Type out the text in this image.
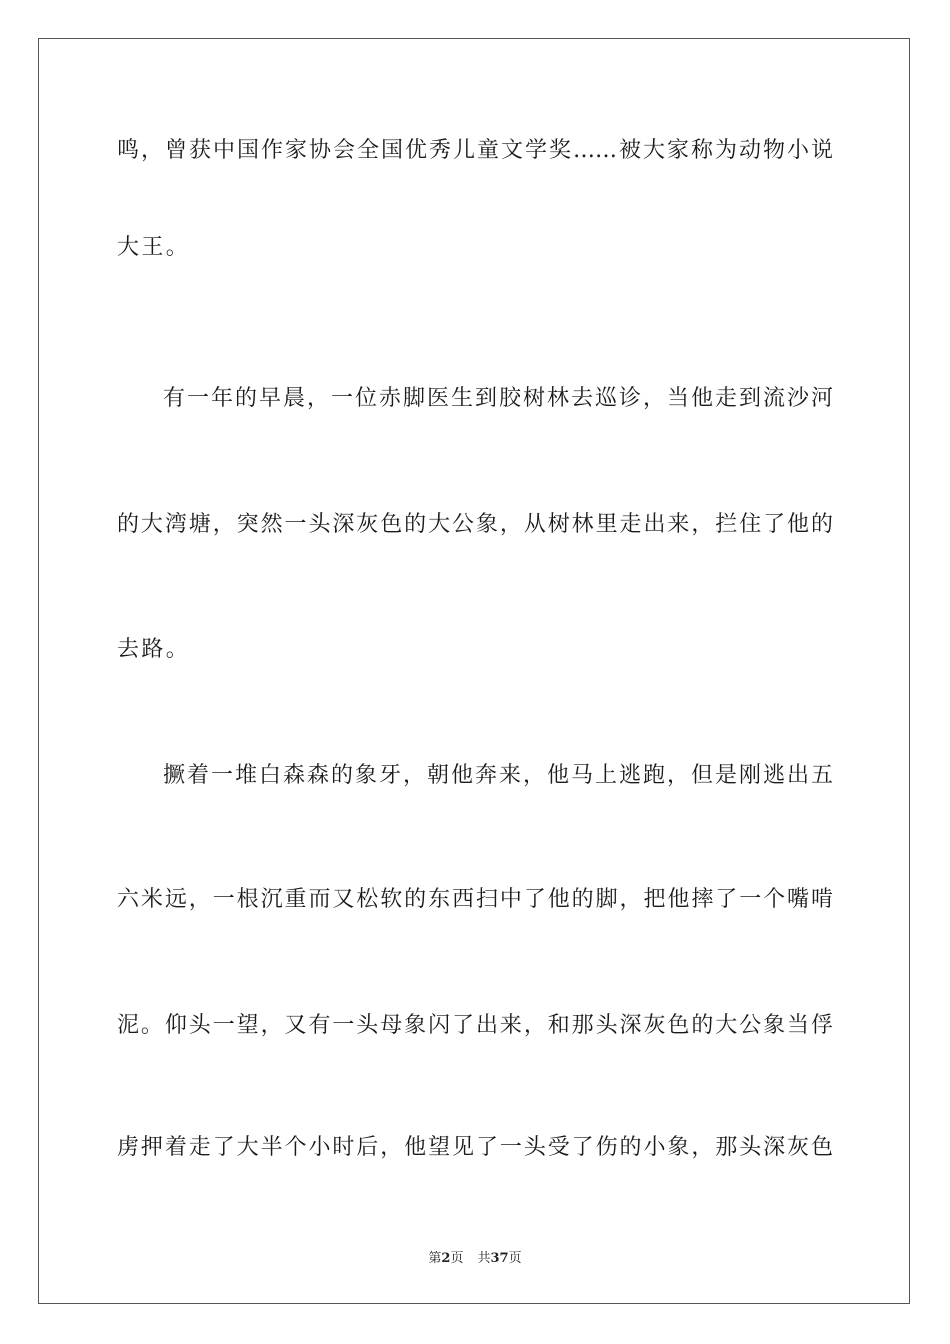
鸣，曾获中国作家协会全国优秀儿童文学奖……被大家称为动物小说

大王。

有一年的早晨，一位赤脚医生到胶树林去巡诊，当他走到流沙河

的大湾塘，突然一头深灰色的大公象，从树林里走出来，拦住了他的

去路。

撅着一堆白森森的象牙，朝他奔来，他马上逃跑，但是刚逃出五

六米远，一根沉重而又松软的东西扫中了他的脚，把他摔了一个嘴啃

泥。仰头一望，又有一头母象闪了出来，和那头深灰色的大公象当俘

虏押着走了大半个小时后，他望见了一头受了伤的小象，那头深灰色

第2页 共37页
